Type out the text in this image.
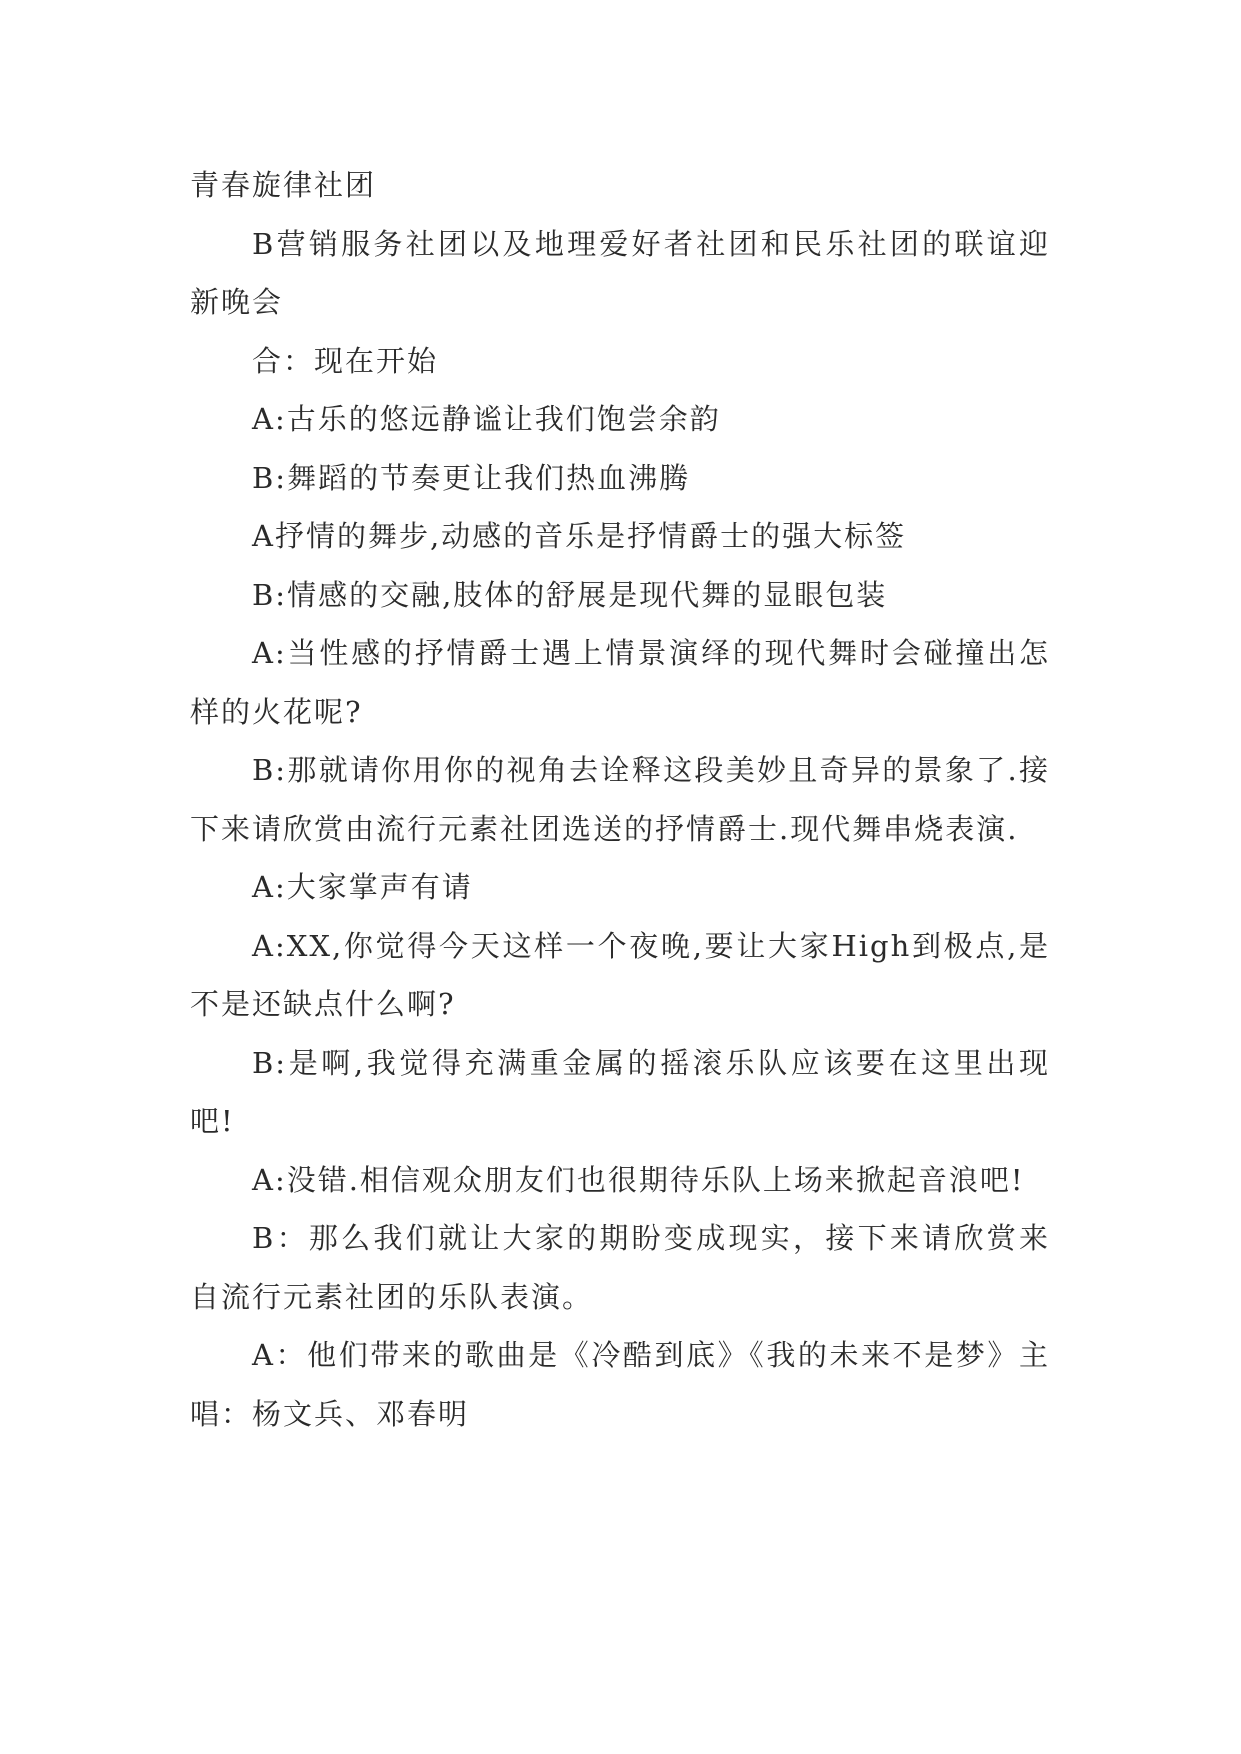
青春旋律社团

B营销服务社团以及地理爱好者社团和民乐社团的联谊迎新晚会

合：现在开始

A:古乐的悠远静谧让我们饱尝余韵

B:舞蹈的节奏更让我们热血沸腾

A抒情的舞步,动感的音乐是抒情爵士的强大标签

B:情感的交融,肢体的舒展是现代舞的显眼包装

A:当性感的抒情爵士遇上情景演绎的现代舞时会碰撞出怎样的火花呢?

B:那就请你用你的视角去诠释这段美妙且奇异的景象了.接下来请欣赏由流行元素社团选送的抒情爵士.现代舞串烧表演.

A:大家掌声有请

A:XX,你觉得今天这样一个夜晚,要让大家High到极点,是不是还缺点什么啊?

B:是啊,我觉得充满重金属的摇滚乐队应该要在这里出现吧!

A:没错.相信观众朋友们也很期待乐队上场来掀起音浪吧!

B：那么我们就让大家的期盼变成现实，接下来请欣赏来自流行元素社团的乐队表演。

A：他们带来的歌曲是《冷酷到底》《我的未来不是梦》主唱：杨文兵、邓春明
